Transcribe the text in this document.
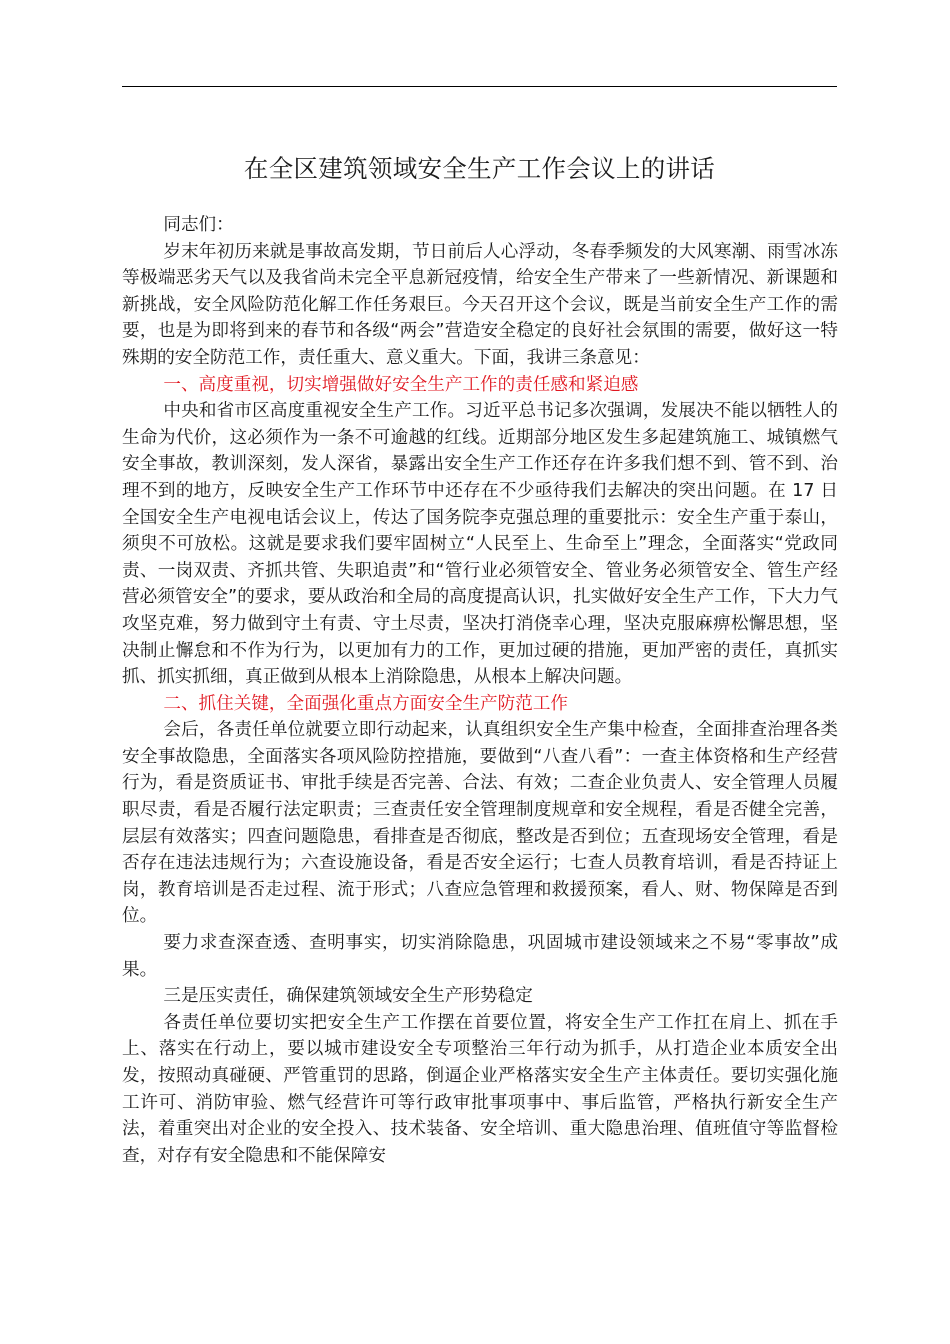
在全区建筑领域安全生产工作会议上的讲话

同志们：

岁末年初历来就是事故高发期，节日前后人心浮动，冬春季频发的大风寒潮、雨雪冰冻等极端恶劣天气以及我省尚未完全平息新冠疫情，给安全生产带来了一些新情况、新课题和新挑战，安全风险防范化解工作任务艰巨。今天召开这个会议，既是当前安全生产工作的需要，也是为即将到来的春节和各级“两会”营造安全稳定的良好社会氛围的需要，做好这一特殊期的安全防范工作，责任重大、意义重大。下面，我讲三条意见：

一、高度重视，切实增强做好安全生产工作的责任感和紧迫感

中央和省市区高度重视安全生产工作。习近平总书记多次强调，发展决不能以牺牲人的生命为代价，这必须作为一条不可逾越的红线。近期部分地区发生多起建筑施工、城镇燃气安全事故，教训深刻，发人深省，暴露出安全生产工作还存在许多我们想不到、管不到、治理不到的地方，反映安全生产工作环节中还存在不少亟待我们去解决的突出问题。在 17 日全国安全生产电视电话会议上，传达了国务院李克强总理的重要批示：安全生产重于泰山，须臾不可放松。这就是要求我们要牢固树立“人民至上、生命至上”理念，全面落实“党政同责、一岗双责、齐抓共管、失职追责”和“管行业必须管安全、管业务必须管安全、管生产经营必须管安全”的要求，要从政治和全局的高度提高认识，扎实做好安全生产工作，下大力气攻坚克难，努力做到守土有责、守土尽责，坚决打消侥幸心理，坚决克服麻痹松懈思想，坚决制止懈怠和不作为行为，以更加有力的工作，更加过硬的措施，更加严密的责任，真抓实抓、抓实抓细，真正做到从根本上消除隐患，从根本上解决问题。

二、抓住关键，全面强化重点方面安全生产防范工作

会后，各责任单位就要立即行动起来，认真组织安全生产集中检查，全面排查治理各类安全事故隐患，全面落实各项风险防控措施，要做到“八查八看”：一查主体资格和生产经营行为，看是资质证书、审批手续是否完善、合法、有效；二查企业负责人、安全管理人员履职尽责，看是否履行法定职责；三查责任安全管理制度规章和安全规程，看是否健全完善，层层有效落实；四查问题隐患，看排查是否彻底，整改是否到位；五查现场安全管理，看是否存在违法违规行为；六查设施设备，看是否安全运行；七查人员教育培训，看是否持证上岗，教育培训是否走过程、流于形式；八查应急管理和救援预案，看人、财、物保障是否到位。

要力求查深查透、查明事实，切实消除隐患，巩固城市建设领域来之不易“零事故”成果。

三是压实责任，确保建筑领域安全生产形势稳定

各责任单位要切实把安全生产工作摆在首要位置，将安全生产工作扛在肩上、抓在手上、落实在行动上，要以城市建设安全专项整治三年行动为抓手，从打造企业本质安全出发，按照动真碰硬、严管重罚的思路，倒逼企业严格落实安全生产主体责任。要切实强化施工许可、消防审验、燃气经营许可等行政审批事项事中、事后监管，严格执行新安全生产法，着重突出对企业的安全投入、技术装备、安全培训、重大隐患治理、值班值守等监督检查，对存有安全隐患和不能保障安
